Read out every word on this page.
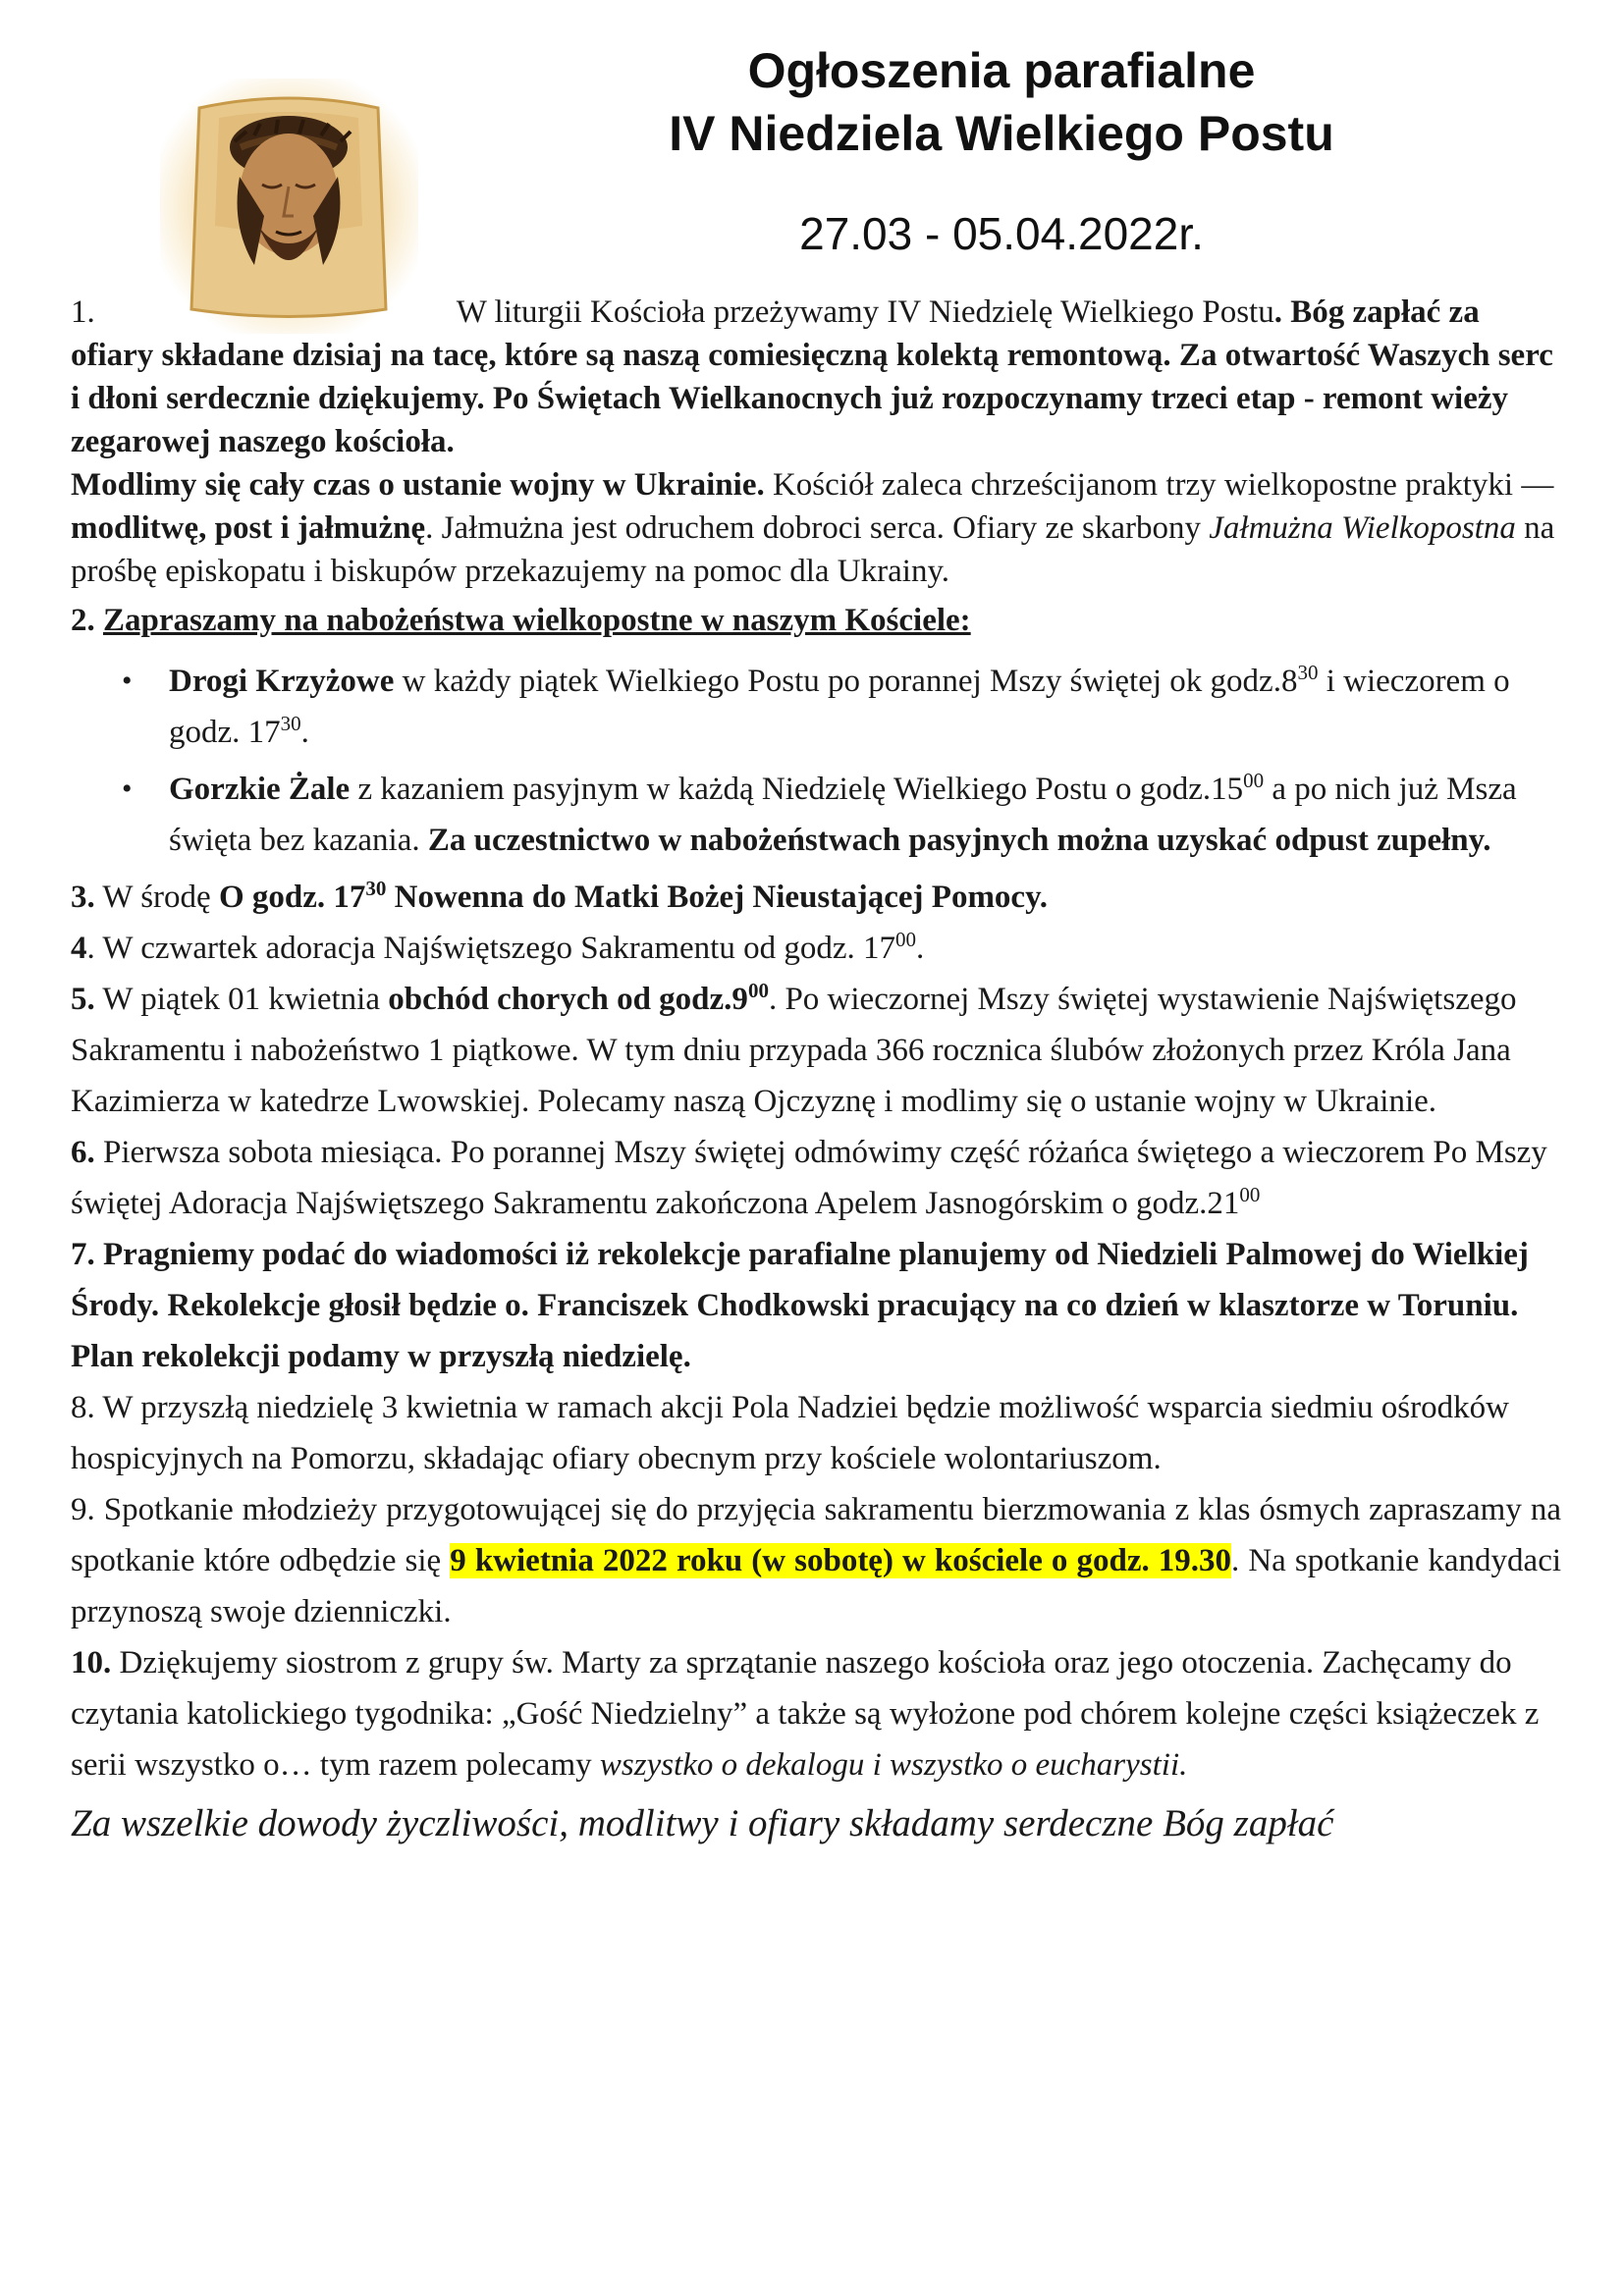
Ogłoszenia parafialne
IV Niedziela Wielkiego Postu
27.03 - 05.04.2022r.

1.	W liturgii Kościoła przeżywamy IV Niedzielę Wielkiego Postu. Bóg zapłać za ofiary składane dzisiaj na tacę, które są naszą comiesięczną kolektą remontową. Za otwartość Waszych serc i dłoni serdecznie dziękujemy. Po Świętach Wielkanocnych już rozpoczynamy trzeci etap - remont wieży zegarowej naszego kościoła.
Modlimy się cały czas o ustanie wojny w Ukrainie. Kościół zaleca chrześcijanom trzy wielkopostne praktyki — modlitwę, post i jałmużnę. Jałmużna jest odruchem dobroci serca. Ofiary ze skarbony Jałmużna Wielkopostna na prośbę episkopatu i biskupów przekazujemy na pomoc dla Ukrainy.

2. Zapraszamy na nabożeństwa wielkopostne w naszym Kościele:

• Drogi Krzyżowe w każdy piątek Wielkiego Postu po porannej Mszy świętej ok $godz.8^{30}$ i wieczorem o godz. $17^{30}$.
• Gorzkie Żale z kazaniem pasyjnym w każdą Niedzielę Wielkiego Postu o $godz.15^{00}$ a po nich już Msza święta bez kazania. Za uczestnictwo w nabożeństwach pasyjnych można uzyskać odpust zupełny.

3. W środę O godz. $17^{30}$ Nowenna do Matki Bożej Nieustającej Pomocy.

4. W czwartek adoracja Najświętszego Sakramentu od godz. $17^{00}$.

5. W piątek 01 kwietnia obchód chorych od $godz.9^{00}$. Po wieczornej Mszy świętej wystawienie Najświętszego Sakramentu i nabożeństwo 1 piątkowe. W tym dniu przypada 366 rocznica ślubów złożonych przez Króla Jana Kazimierza w katedrze Lwowskiej. Polecamy naszą Ojczyznę i modlimy się o ustanie wojny w Ukrainie.

6. Pierwsza sobota miesiąca. Po porannej Mszy świętej odmówimy część różańca świętego a wieczorem Po Mszy świętej Adoracja Najświętszego Sakramentu zakończona Apelem Jasnogórskim o $godz.21^{00}$

7. Pragniemy podać do wiadomości iż rekolekcje parafialne planujemy od Niedzieli Palmowej do Wielkiej Środy. Rekolekcje głosił będzie o. Franciszek Chodkowski pracujący na co dzień w klasztorze w Toruniu. Plan rekolekcji podamy w przyszłą niedzielę.

8. W przyszłą niedzielę 3 kwietnia w ramach akcji Pola Nadziei będzie możliwość wsparcia siedmiu ośrodków hospicyjnych na Pomorzu, składając ofiary obecnym przy kościele wolontariuszom.

9. Spotkanie młodzieży przygotowującej się do przyjęcia sakramentu bierzmowania z klas ósmych zapraszamy na spotkanie które odbędzie się 9 kwietnia 2022 roku (w sobotę) w kościele o godz. 19.30. Na spotkanie kandydaci przynoszą swoje dzienniczki.

10. Dziękujemy siostrom z grupy św. Marty za sprzątanie naszego kościoła oraz jego otoczenia. Zachęcamy do czytania katolickiego tygodnika: „Gość Niedzielny” a także są wyłożone pod chórem kolejne części książeczek z serii wszystko o… tym razem polecamy wszystko o dekalogu i wszystko o eucharystii.

Za wszelkie dowody życzliwości, modlitwy i ofiary składamy serdeczne Bóg zapłać
